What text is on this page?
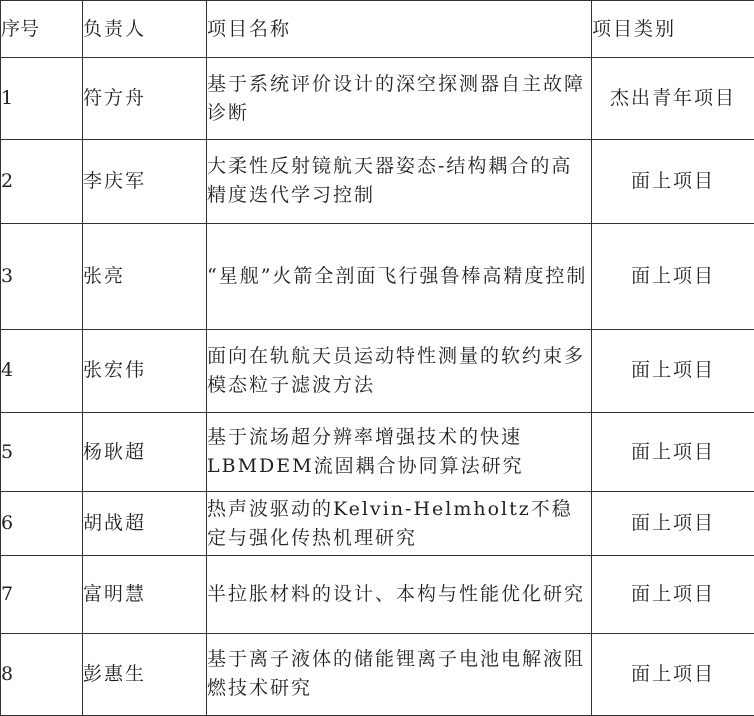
序号	负责人	项目名称	项目类别
1	符方舟	基于系统评价设计的深空探测器自主故障诊断	杰出青年项目
2	李庆军	大柔性反射镜航天器姿态-结构耦合的高精度迭代学习控制	面上项目
3	张亮	“星舰”火箭全剖面飞行强鲁棒高精度控制	面上项目
4	张宏伟	面向在轨航天员运动特性测量的软约束多模态粒子滤波方法	面上项目
5	杨耿超	基于流场超分辨率增强技术的快速LBMDEM流固耦合协同算法研究	面上项目
6	胡战超	热声波驱动的Kelvin-Helmholtz不稳定与强化传热机理研究	面上项目
7	富明慧	半拉胀材料的设计、本构与性能优化研究	面上项目
8	彭惠生	基于离子液体的储能锂离子电池电解液阻燃技术研究	面上项目
